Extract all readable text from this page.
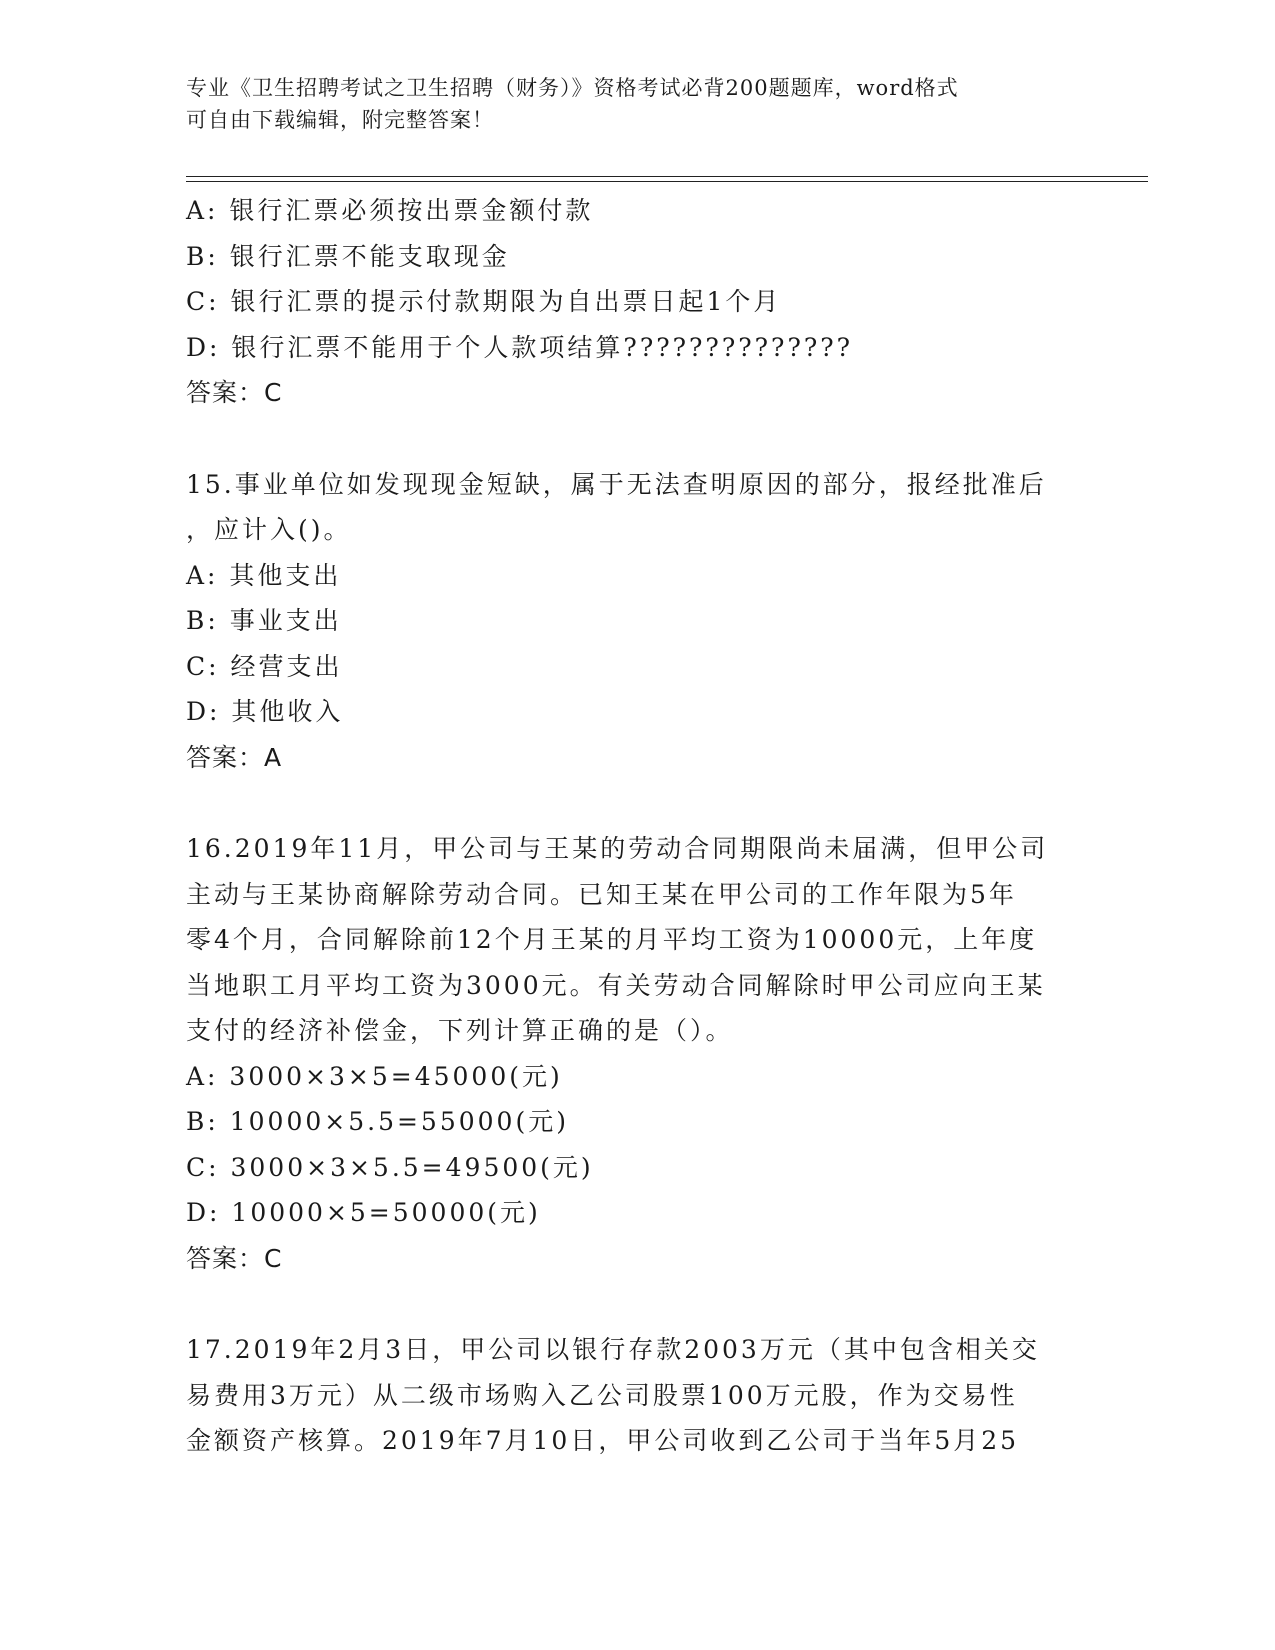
专业《卫生招聘考试之卫生招聘（财务）》资格考试必背200题题库，word格式
可自由下载编辑，附完整答案！
A: 银行汇票必须按出票金额付款
B: 银行汇票不能支取现金
C: 银行汇票的提示付款期限为自出票日起1个月
D: 银行汇票不能用于个人款项结算??????????????
答案：C
15.事业单位如发现现金短缺，属于无法查明原因的部分，报经批准后
，应计入()。
A: 其他支出
B: 事业支出
C: 经营支出
D: 其他收入
答案：A
16.2019年11月，甲公司与王某的劳动合同期限尚未届满，但甲公司
主动与王某协商解除劳动合同。已知王某在甲公司的工作年限为5年
零4个月，合同解除前12个月王某的月平均工资为10000元，上年度
当地职工月平均工资为3000元。有关劳动合同解除时甲公司应向王某
支付的经济补偿金，下列计算正确的是（）。
A: 3000×3×5=45000(元)
B: 10000×5.5=55000(元)
C: 3000×3×5.5=49500(元)
D: 10000×5=50000(元)
答案：C
17.2019年2月3日，甲公司以银行存款2003万元（其中包含相关交
易费用3万元）从二级市场购入乙公司股票100万元股，作为交易性
金额资产核算。2019年7月10日，甲公司收到乙公司于当年5月25
